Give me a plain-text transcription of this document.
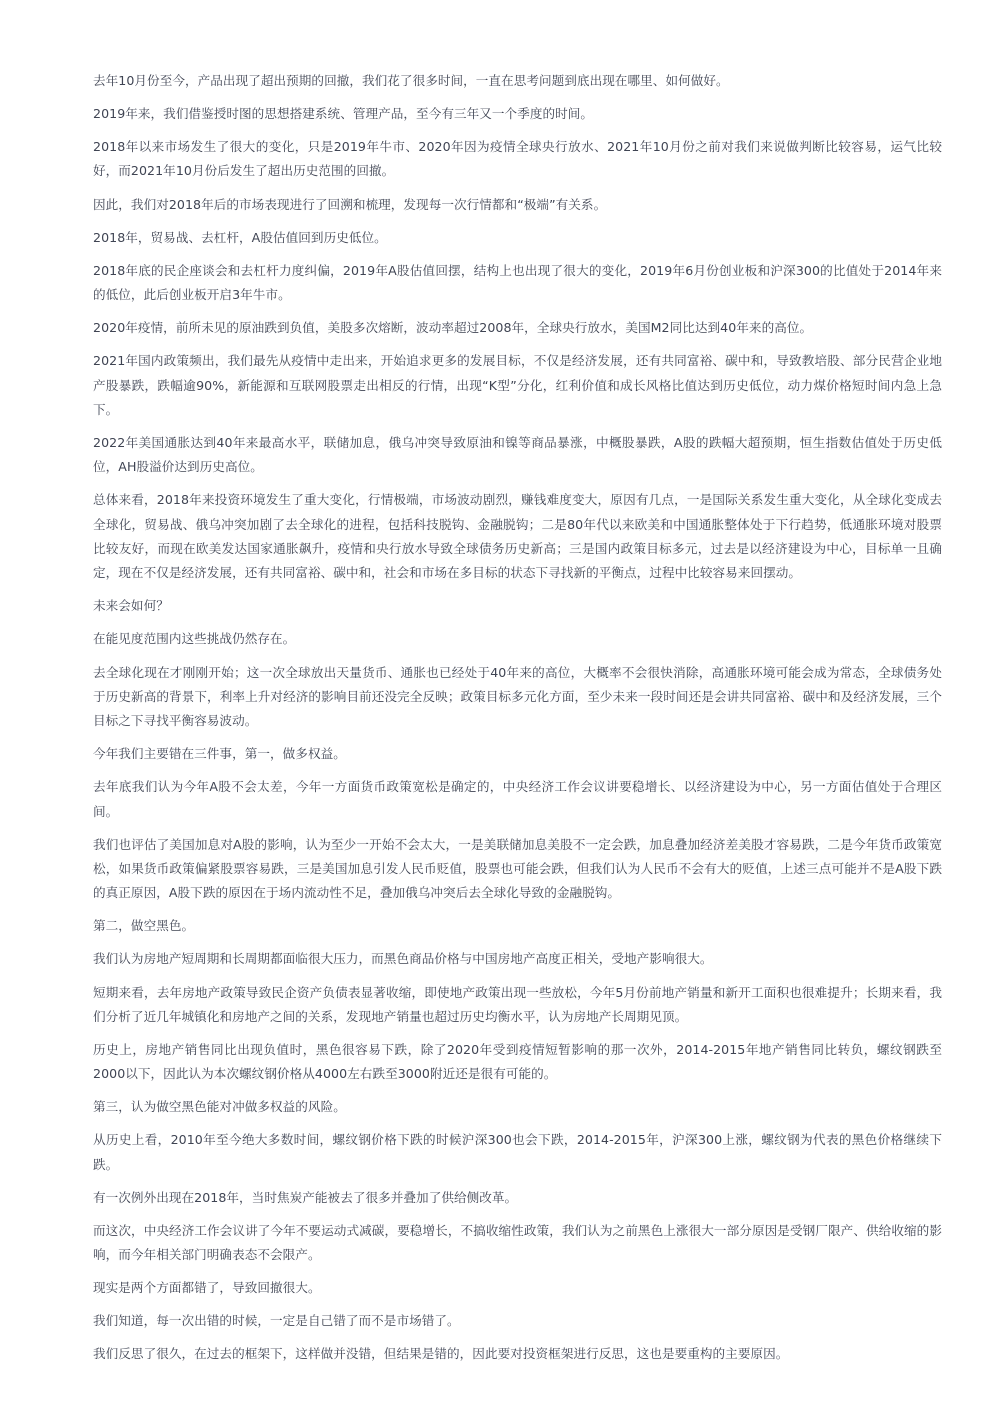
去年10月份至今，产品出现了超出预期的回撤，我们花了很多时间，一直在思考问题到底出现在哪里、如何做好。

2019年来，我们借鉴授时图的思想搭建系统、管理产品，至今有三年又一个季度的时间。

2018年以来市场发生了很大的变化，只是2019年牛市、2020年因为疫情全球央行放水、2021年10月份之前对我们来说做判断比较容易，运气比较好，而2021年10月份后发生了超出历史范围的回撤。

因此，我们对2018年后的市场表现进行了回溯和梳理，发现每一次行情都和“极端”有关系。

2018年，贸易战、去杠杆，A股估值回到历史低位。

2018年底的民企座谈会和去杠杆力度纠偏，2019年A股估值回摆，结构上也出现了很大的变化，2019年6月份创业板和沪深300的比值处于2014年来的低位，此后创业板开启3年牛市。

2020年疫情，前所未见的原油跌到负值，美股多次熔断，波动率超过2008年，全球央行放水，美国M2同比达到40年来的高位。

2021年国内政策频出，我们最先从疫情中走出来，开始追求更多的发展目标，不仅是经济发展，还有共同富裕、碳中和，导致教培股、部分民营企业地产股暴跌，跌幅逾90%，新能源和互联网股票走出相反的行情，出现“K型”分化，红利价值和成长风格比值达到历史低位，动力煤价格短时间内急上急下。

2022年美国通胀达到40年来最高水平，联储加息，俄乌冲突导致原油和镍等商品暴涨，中概股暴跌，A股的跌幅大超预期，恒生指数估值处于历史低位，AH股溢价达到历史高位。

总体来看，2018年来投资环境发生了重大变化，行情极端，市场波动剧烈，赚钱难度变大，原因有几点，一是国际关系发生重大变化，从全球化变成去全球化，贸易战、俄乌冲突加剧了去全球化的进程，包括科技脱钩、金融脱钩；二是80年代以来欧美和中国通胀整体处于下行趋势，低通胀环境对股票比较友好，而现在欧美发达国家通胀飙升，疫情和央行放水导致全球债务历史新高；三是国内政策目标多元，过去是以经济建设为中心，目标单一且确定，现在不仅是经济发展，还有共同富裕、碳中和，社会和市场在多目标的状态下寻找新的平衡点，过程中比较容易来回摆动。

未来会如何？

在能见度范围内这些挑战仍然存在。

去全球化现在才刚刚开始；这一次全球放出天量货币、通胀也已经处于40年来的高位，大概率不会很快消除，高通胀环境可能会成为常态，全球债务处于历史新高的背景下，利率上升对经济的影响目前还没完全反映；政策目标多元化方面，至少未来一段时间还是会讲共同富裕、碳中和及经济发展，三个目标之下寻找平衡容易波动。

今年我们主要错在三件事，第一，做多权益。

去年底我们认为今年A股不会太差，今年一方面货币政策宽松是确定的，中央经济工作会议讲要稳增长、以经济建设为中心，另一方面估值处于合理区间。

我们也评估了美国加息对A股的影响，认为至少一开始不会太大，一是美联储加息美股不一定会跌，加息叠加经济差美股才容易跌，二是今年货币政策宽松，如果货币政策偏紧股票容易跌，三是美国加息引发人民币贬值，股票也可能会跌，但我们认为人民币不会有大的贬值，上述三点可能并不是A股下跌的真正原因，A股下跌的原因在于场内流动性不足，叠加俄乌冲突后去全球化导致的金融脱钩。

第二，做空黑色。

我们认为房地产短周期和长周期都面临很大压力，而黑色商品价格与中国房地产高度正相关，受地产影响很大。

短期来看，去年房地产政策导致民企资产负债表显著收缩，即使地产政策出现一些放松，今年5月份前地产销量和新开工面积也很难提升；长期来看，我们分析了近几年城镇化和房地产之间的关系，发现地产销量也超过历史均衡水平，认为房地产长周期见顶。

历史上，房地产销售同比出现负值时，黑色很容易下跌，除了2020年受到疫情短暂影响的那一次外，2014-2015年地产销售同比转负，螺纹钢跌至2000以下，因此认为本次螺纹钢价格从4000左右跌至3000附近还是很有可能的。

第三，认为做空黑色能对冲做多权益的风险。

从历史上看，2010年至今绝大多数时间，螺纹钢价格下跌的时候沪深300也会下跌，2014-2015年，沪深300上涨，螺纹钢为代表的黑色价格继续下跌。

有一次例外出现在2018年，当时焦炭产能被去了很多并叠加了供给侧改革。

而这次，中央经济工作会议讲了今年不要运动式减碳，要稳增长，不搞收缩性政策，我们认为之前黑色上涨很大一部分原因是受钢厂限产、供给收缩的影响，而今年相关部门明确表态不会限产。

现实是两个方面都错了，导致回撤很大。

我们知道，每一次出错的时候，一定是自己错了而不是市场错了。

我们反思了很久，在过去的框架下，这样做并没错，但结果是错的，因此要对投资框架进行反思，这也是要重构的主要原因。
